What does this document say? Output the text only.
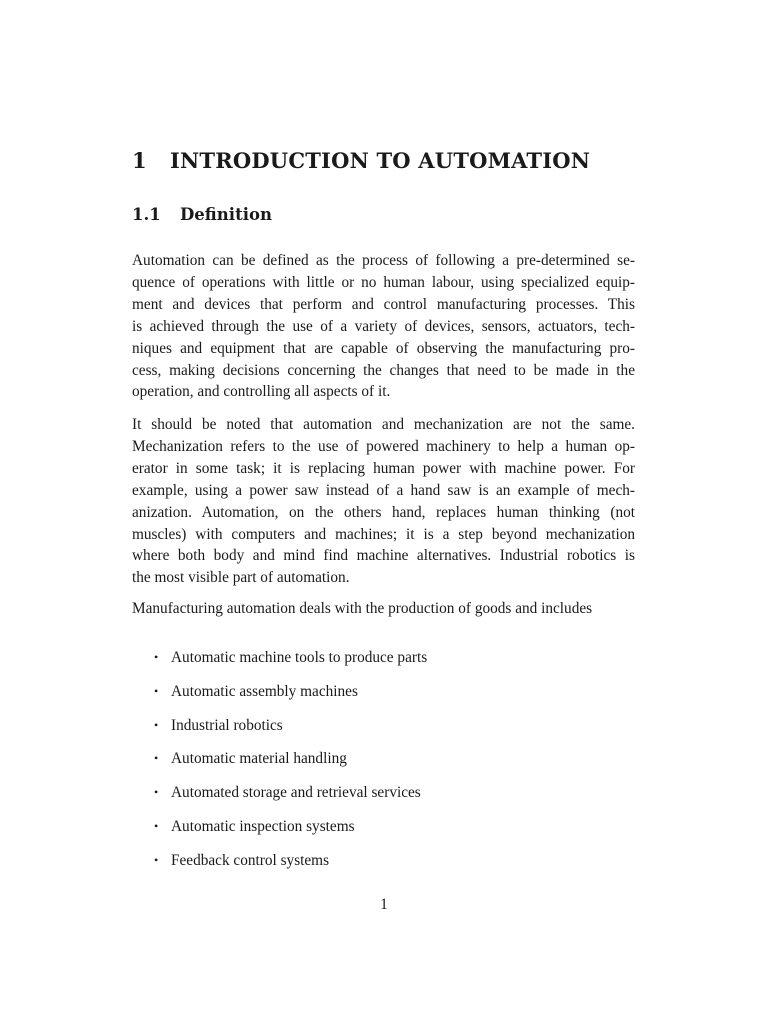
1 INTRODUCTION TO AUTOMATION
1.1 Definition

Automation can be defined as the process of following a pre-determined se-
quence of operations with little or no human labour, using specialized equip-
ment and devices that perform and control manufacturing processes. This
is achieved through the use of a variety of devices, sensors, actuators, tech-
niques and equipment that are capable of observing the manufacturing pro-
cess, making decisions concerning the changes that need to be made in the
operation, and controlling all aspects of it.

It should be noted that automation and mechanization are not the same.
Mechanization refers to the use of powered machinery to help a human op-
erator in some task; it is replacing human power with machine power. For
example, using a power saw instead of a hand saw is an example of mech-
anization. Automation, on the others hand, replaces human thinking (not
muscles) with computers and machines; it is a step beyond mechanization
where both body and mind find machine alternatives. Industrial robotics is
the most visible part of automation.

Manufacturing automation deals with the production of goods and includes

• Automatic machine tools to produce parts
• Automatic assembly machines
• Industrial robotics
• Automatic material handling
• Automated storage and retrieval services
• Automatic inspection systems
• Feedback control systems

1
